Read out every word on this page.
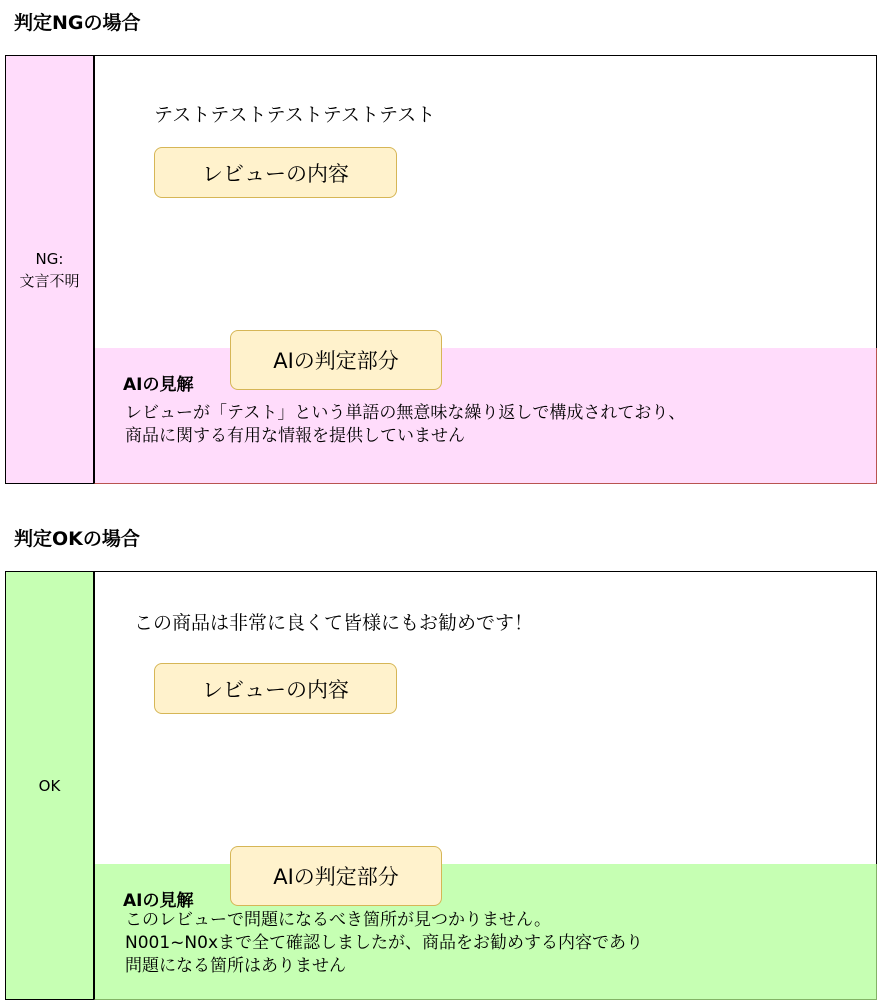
判定NGの場合
NG:
文言不明
テストテストテストテストテスト
レビューの内容
AIの見解
レビューが「テスト」という単語の無意味な繰り返しで構成されており、
商品に関する有用な情報を提供していません
AIの判定部分
判定OKの場合
OK
この商品は非常に良くて皆様にもお勧めです！
レビューの内容
AIの見解
このレビューで問題になるべき箇所が見つかりません。
N001~N0xまで全て確認しましたが、商品をお勧めする内容であり
問題になる箇所はありません
AIの判定部分
